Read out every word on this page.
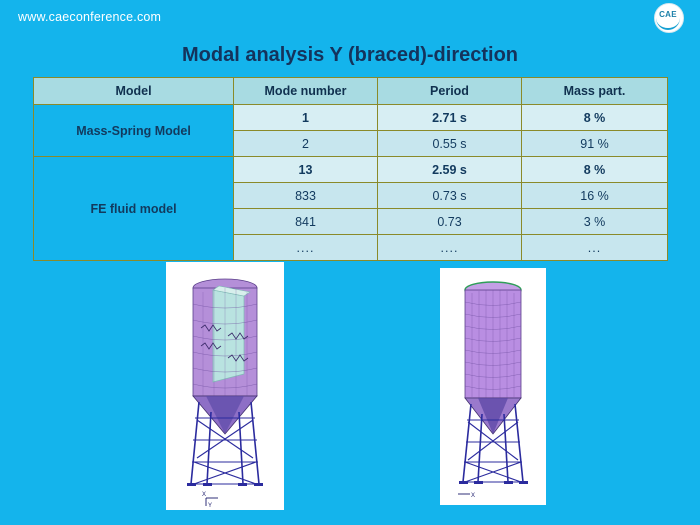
www.caeconference.com	CAE
Modal analysis Y (braced)-direction
Model	Mode number	Period	Mass part.
Mass-Spring Model	1	2.71 s	8 %
	2	0.55 s	91 %
FE fluid model	13	2.59 s	8 %
	833	0.73 s	16 %
	841	0.73	3 %
	....	....	...
X
Y
X
